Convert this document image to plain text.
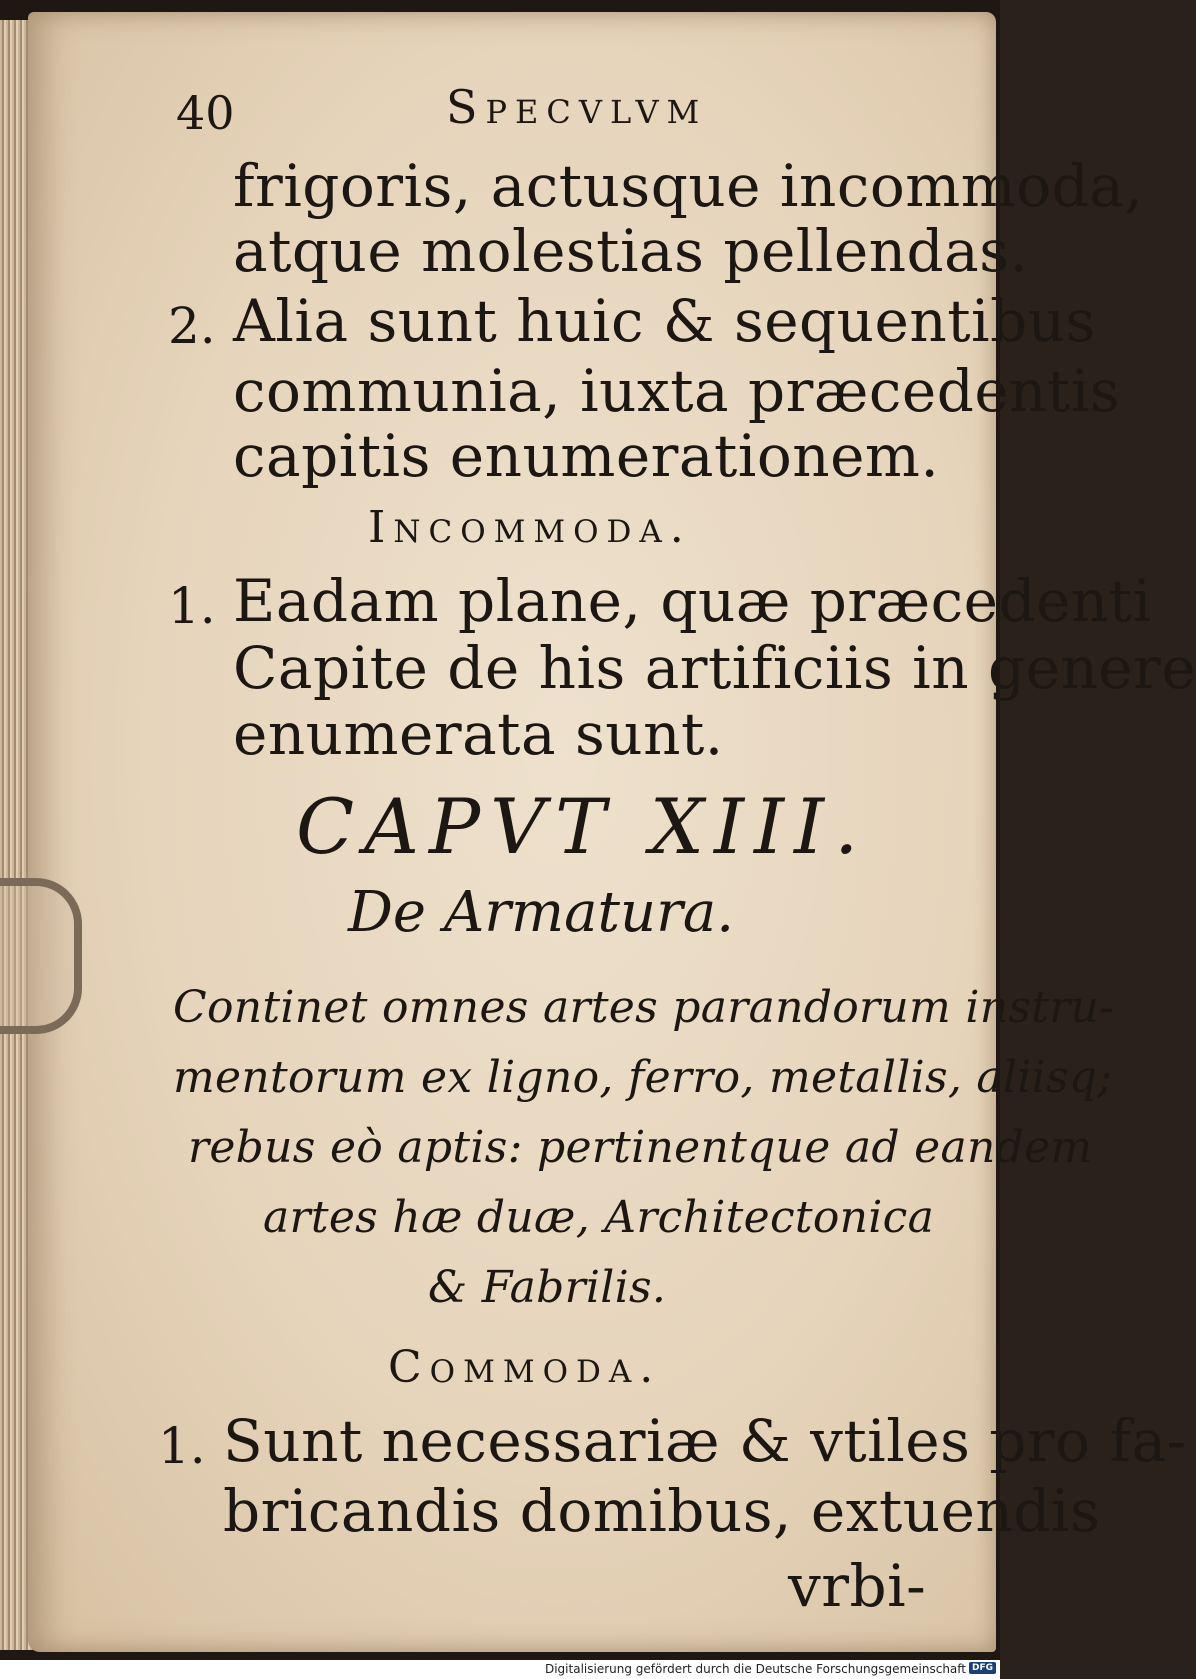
40	Specvlvm
frigoris, actusque incommoda,
atque molestias pellendas.
2. Alia sunt huic & sequentibus
communia, iuxta præcedentis
capitis enumerationem.
Incommoda.
1. Eadam plane, quæ præcedenti
Capite de his artificiis in genere
enumerata sunt.
CAPVT XIII.
De Armatura.
Continet omnes artes parandorum instru-
mentorum ex ligno, ferro, metallis, aliisq;
rebus eò aptis: pertinentque ad eandem
artes hæ duæ, Architectonica
& Fabrilis.
Commoda.
1. Sunt necessariæ & vtiles pro fa-
bricandis domibus, extuendis
vrbi-
Digitalisierung gefördert durch die Deutsche Forschungsgemeinschaft DFG
